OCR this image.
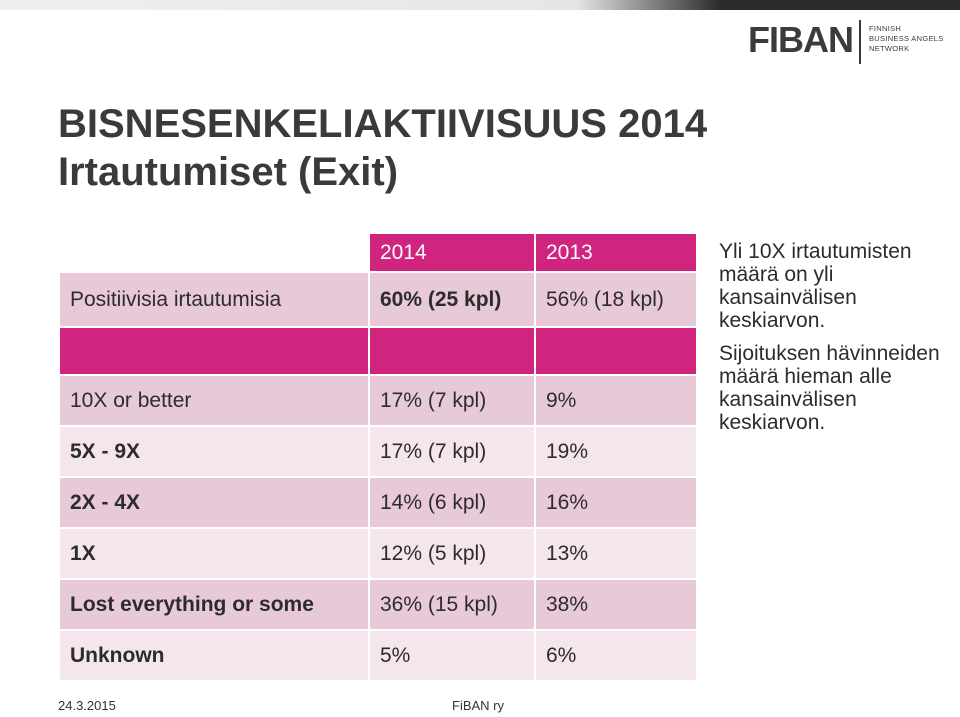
FIBAN FINNISH
BUSINESS ANGELS
NETWORK
BISNESENKELIAKTIIVISUUS 2014
Irtautumiset (Exit)
	2014	2013
Positiivisia irtautumisia	60% (25 kpl)	56% (18 kpl)

10X or better	17% (7 kpl)	9%
5X - 9X	17% (7 kpl)	19%
2X - 4X	14% (6 kpl)	16%
1X	12% (5 kpl)	13%
Lost everything or some	36% (15 kpl)	38%
Unknown	5%	6%

Yli 10X irtautumisten määrä on yli kansainvälisen keskiarvon.

Sijoituksen hävinneiden määrä hieman alle kansainvälisen keskiarvon.

24.3.2015	FiBAN ry
